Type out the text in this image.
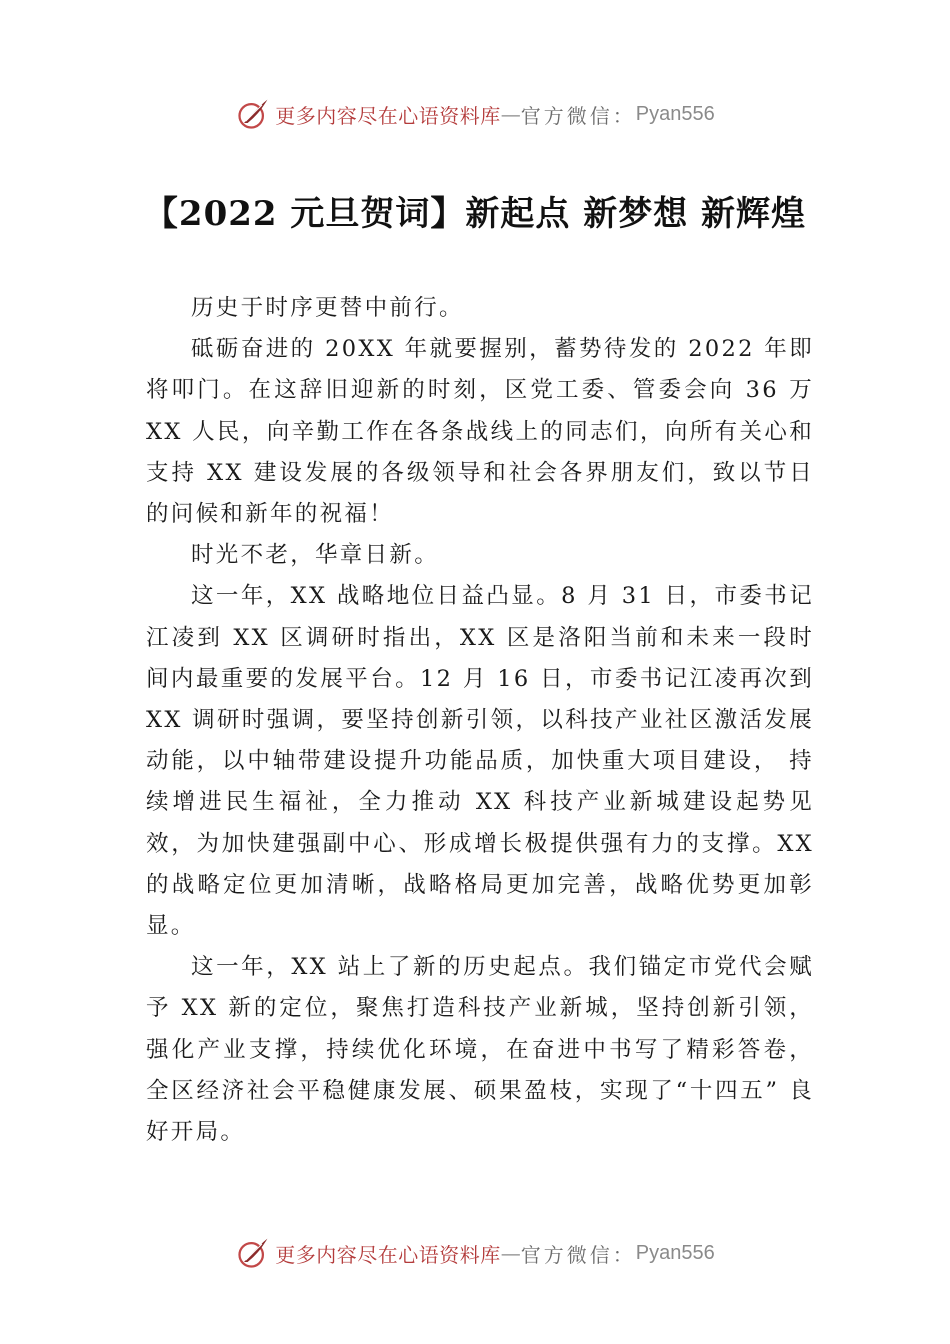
更多内容尽在心语资料库 — 官方微信： Pyan556
【2022 元旦贺词】新起点 新梦想 新辉煌

历史于时序更替中前行。

砥砺奋进的 20XX 年就要握别，蓄势待发的 2022 年即将叩门。在这辞旧迎新的时刻，区党工委、管委会向 36 万 XX 人民，向辛勤工作在各条战线上的同志们，向所有关心和支持 XX 建设发展的各级领导和社会各界朋友们，致以节日的问候和新年的祝福！

时光不老，华章日新。

这一年，XX 战略地位日益凸显。8 月 31 日，市委书记江凌到 XX 区调研时指出，XX 区是洛阳当前和未来一段时间内最重要的发展平台。12 月 16 日，市委书记江凌再次到 XX 调研时强调，要坚持创新引领，以科技产业社区激活发展动能，以中轴带建设提升功能品质，加快重大项目建设， 持续增进民生福祉，全力推动 XX 科技产业新城建设起势见效，为加快建强副中心、形成增长极提供强有力的支撑。XX 的战略定位更加清晰，战略格局更加完善，战略优势更加彰显。

这一年，XX 站上了新的历史起点。我们锚定市党代会赋予 XX 新的定位，聚焦打造科技产业新城，坚持创新引领，强化产业支撑，持续优化环境，在奋进中书写了精彩答卷， 全区经济社会平稳健康发展、硕果盈枝，实现了“十四五” 良好开局。

更多内容尽在心语资料库 — 官方微信： Pyan556
